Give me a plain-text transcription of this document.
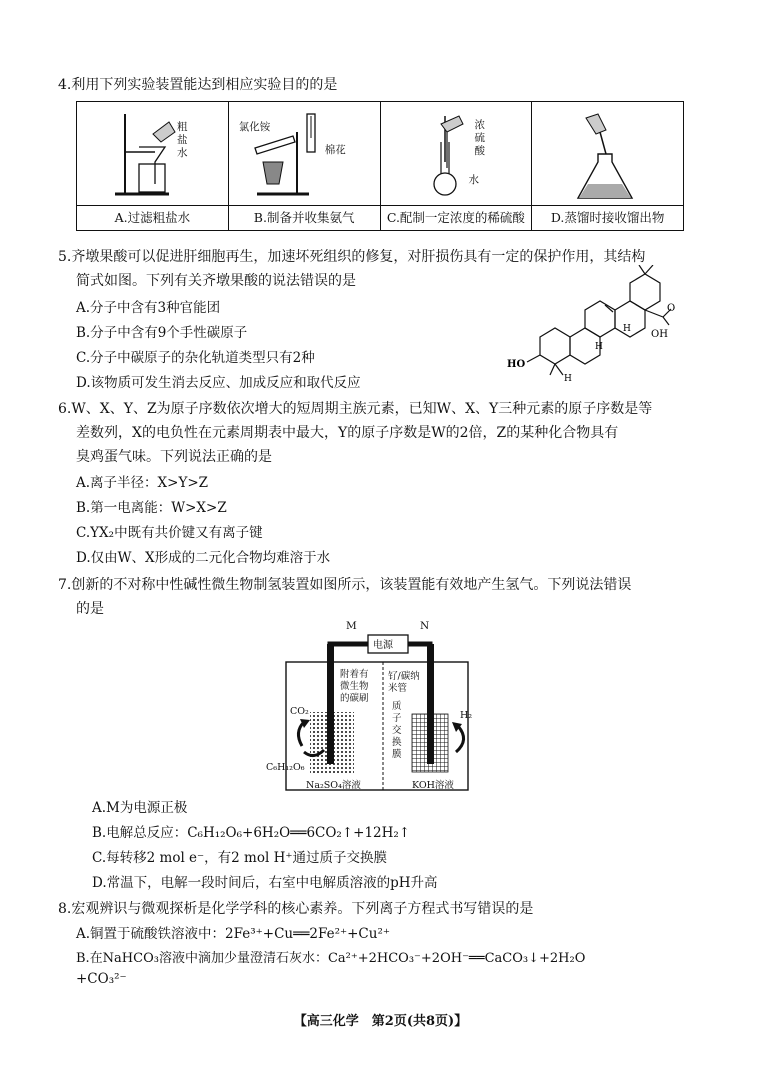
4.利用下列实验装置能达到相应实验目的的是
粗
盐
水
A.过滤粗盐水
氯化铵
棉花
B.制备并收集氨气
浓
硫
酸
水
C.配制一定浓度的稀硫酸	D.蒸馏时接收馏出物
5.齐墩果酸可以促进肝细胞再生，加速坏死组织的修复，对肝损伤具有一定的保护作用，其结构
简式如图。下列有关齐墩果酸的说法错误的是
A.分子中含有3种官能团
B.分子中含有9个手性碳原子
C.分子中碳原子的杂化轨道类型只有2种
D.该物质可发生消去反应、加成反应和取代反应
O
OH
HO
H
H
H
6.W、X、Y、Z为原子序数依次增大的短周期主族元素，已知W、X、Y三种元素的原子序数是等
差数列，X的电负性在元素周期表中最大，Y的原子序数是W的2倍，Z的某种化合物具有
臭鸡蛋气味。下列说法正确的是
A.离子半径：X>Y>Z
B.第一电离能：W>X>Z
C.YX₂中既有共价键又有离子键
D.仅由W、X形成的二元化合物均难溶于水
7.创新的不对称中性碱性微生物制氢装置如图所示，该装置能有效地产生氢气。下列说法错误
的是
M
电源
N
附着有
微生物
的碳刷
钌/碳纳
米管
质
子
交
换
膜
CO₂
C₆H₁₂O₆
H₂
Na₂SO₄溶液	KOH溶液
A.M为电源正极
B.电解总反应：C₆H₁₂O₆+6H₂O══6CO₂↑+12H₂↑
C.每转移2 mol e⁻，有2 mol H⁺通过质子交换膜
D.常温下，电解一段时间后，右室中电解质溶液的pH升高
8.宏观辨识与微观探析是化学学科的核心素养。下列离子方程式书写错误的是
A.铜置于硫酸铁溶液中：2Fe³⁺+Cu══2Fe²⁺+Cu²⁺
B.在NaHCO₃溶液中滴加少量澄清石灰水：Ca²⁺+2HCO₃⁻+2OH⁻══CaCO₃↓+2H₂O
+CO₃²⁻
【高三化学　第2页(共8页)】
